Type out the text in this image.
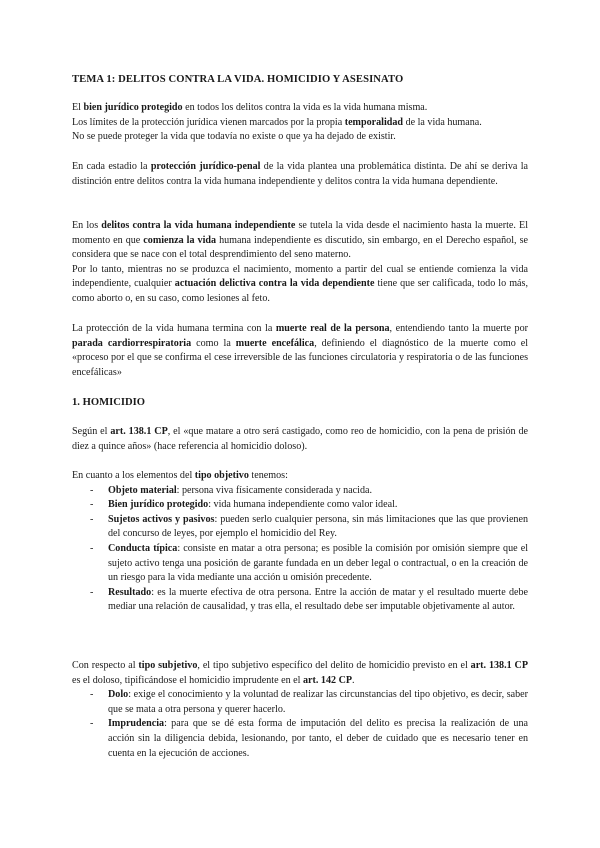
TEMA 1: DELITOS CONTRA LA VIDA. HOMICIDIO Y ASESINATO

El bien jurídico protegido en todos los delitos contra la vida es la vida humana misma.

Los límites de la protección jurídica vienen marcados por la propia temporalidad de la vida humana.

No se puede proteger la vida que todavía no existe o que ya ha dejado de existir.

En cada estadio la protección jurídico-penal de la vida plantea una problemática distinta. De ahí se deriva la distinción entre delitos contra la vida humana independiente y delitos contra la vida humana dependiente.

En los delitos contra la vida humana independiente se tutela la vida desde el nacimiento hasta la muerte. El momento en que comienza la vida humana independiente es discutido, sin embargo, en el Derecho español, se considera que se nace con el total desprendimiento del seno materno.

Por lo tanto, mientras no se produzca el nacimiento, momento a partir del cual se entiende comienza la vida independiente, cualquier actuación delictiva contra la vida dependiente tiene que ser calificada, todo lo más, como aborto o, en su caso, como lesiones al feto.

La protección de la vida humana termina con la muerte real de la persona, entendiendo tanto la muerte por parada cardiorrespiratoria como la muerte encefálica, definiendo el diagnóstico de la muerte como el «proceso por el que se confirma el cese irreversible de las funciones circulatoria y respiratoria o de las funciones encefálicas»

1. HOMICIDIO

Según el art. 138.1 CP, el «que matare a otro será castigado, como reo de homicidio, con la pena de prisión de diez a quince años» (hace referencia al homicidio doloso).

En cuanto a los elementos del tipo objetivo tenemos:

- Objeto material: persona viva físicamente considerada y nacida.
- Bien jurídico protegido: vida humana independiente como valor ideal.
- Sujetos activos y pasivos: pueden serlo cualquier persona, sin más limitaciones que las que provienen del concurso de leyes, por ejemplo el homicidio del Rey.
- Conducta típica: consiste en matar a otra persona; es posible la comisión por omisión siempre que el sujeto activo tenga una posición de garante fundada en un deber legal o contractual, o en la creación de un riesgo para la vida mediante una acción u omisión precedente.
- Resultado: es la muerte efectiva de otra persona. Entre la acción de matar y el resultado muerte debe mediar una relación de causalidad, y tras ella, el resultado debe ser imputable objetivamente al autor.

Con respecto al tipo subjetivo, el tipo subjetivo específico del delito de homicidio previsto en el art. 138.1 CP es el doloso, tipificándose el homicidio imprudente en el art. 142 CP.

- Dolo: exige el conocimiento y la voluntad de realizar las circunstancias del tipo objetivo, es decir, saber que se mata a otra persona y querer hacerlo.
- Imprudencia: para que se dé esta forma de imputación del delito es precisa la realización de una acción sin la diligencia debida, lesionando, por tanto, el deber de cuidado que es necesario tener en cuenta en la ejecución de acciones.
